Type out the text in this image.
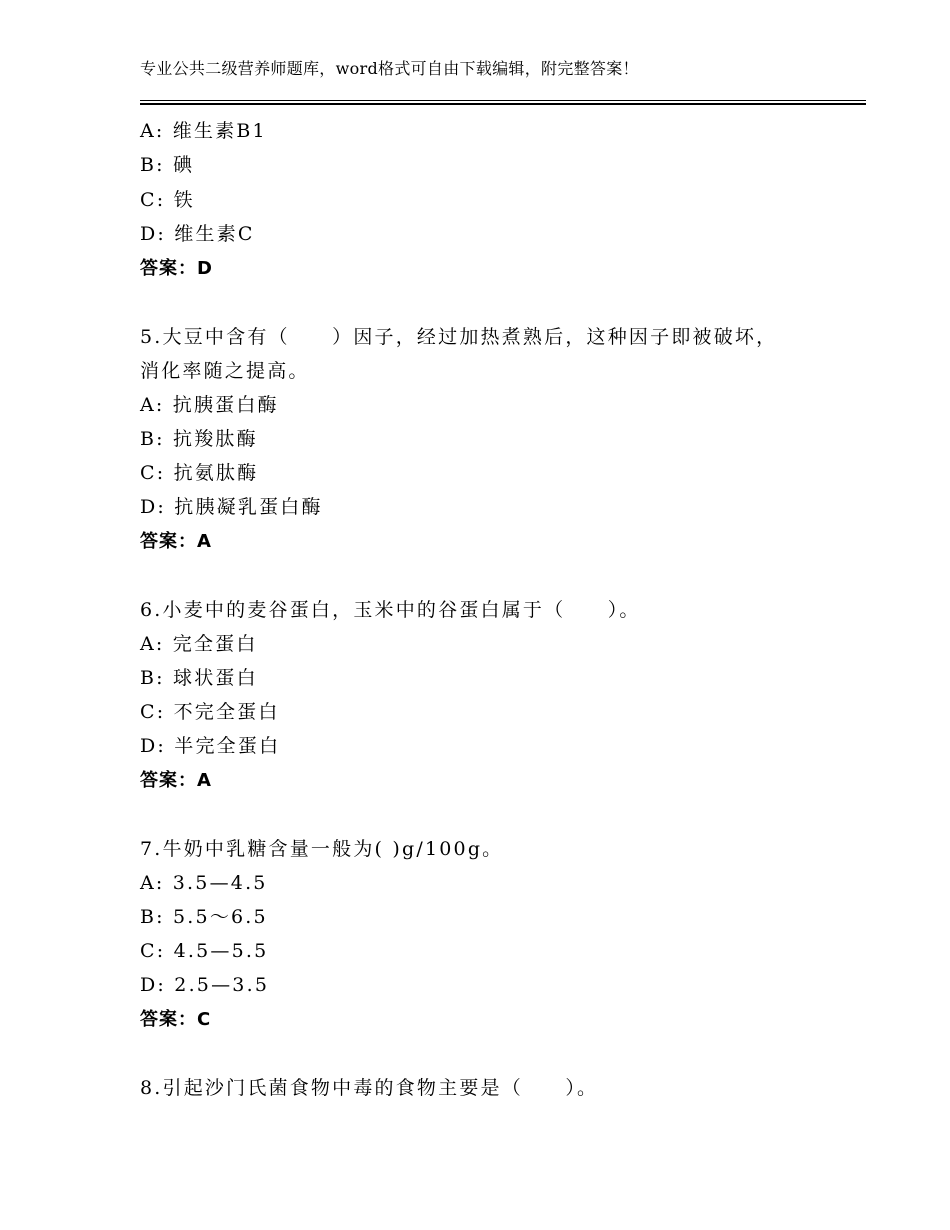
专业公共二级营养师题库，word格式可自由下载编辑，附完整答案！
A: 维生素B1
B: 碘
C: 铁
D: 维生素C
答案：D
5.大豆中含有（　　）因子，经过加热煮熟后，这种因子即被破坏，
消化率随之提高。
A: 抗胰蛋白酶
B: 抗羧肽酶
C: 抗氨肽酶
D: 抗胰凝乳蛋白酶
答案：A
6.小麦中的麦谷蛋白，玉米中的谷蛋白属于（　　）。
A: 完全蛋白
B: 球状蛋白
C: 不完全蛋白
D: 半完全蛋白
答案：A
7.牛奶中乳糖含量一般为( )g/100g。
A: 3.5—4.5
B: 5.5～6.5
C: 4.5—5.5
D: 2.5—3.5
答案：C
8.引起沙门氏菌食物中毒的食物主要是（　　）。
